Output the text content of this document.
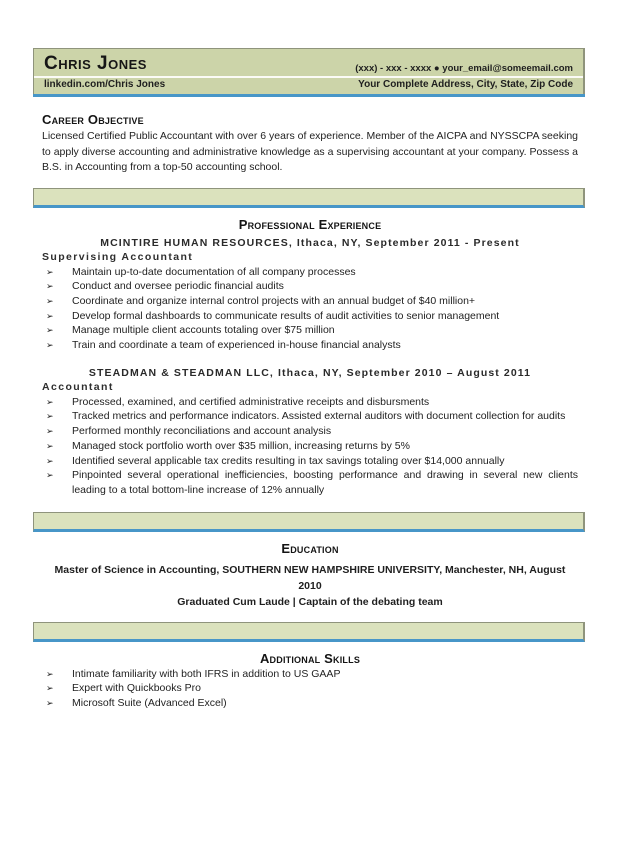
Chris Jones	(xxx) - xxx - xxxx ● your_email@someemail.com
linkedin.com/Chris Jones	Your Complete Address, City, State, Zip Code
Career Objective
Licensed Certified Public Accountant with over 6 years of experience. Member of the AICPA and NYSSCPA seeking to apply diverse accounting and administrative knowledge as a supervising accountant at your company. Possess a B.S. in Accounting from a top-50 accounting school.
Professional Experience
MCINTIRE HUMAN RESOURCES, Ithaca, NY, September 2011 - Present
Supervising Accountant
➢	Maintain up-to-date documentation of all company processes
➢	Conduct and oversee periodic financial audits
➢	Coordinate and organize internal control projects with an annual budget of $40 million+
➢	Develop formal dashboards to communicate results of audit activities to senior management
➢	Manage multiple client accounts totaling over $75 million
➢	Train and coordinate a team of experienced in-house financial analysts
STEADMAN & STEADMAN LLC, Ithaca, NY, September 2010 – August 2011
Accountant
➢	Processed, examined, and certified administrative receipts and disbursments
➢	Tracked metrics and performance indicators. Assisted external auditors with document collection for audits
➢	Performed monthly reconciliations and account analysis
➢	Managed stock portfolio worth over $35 million, increasing returns by 5%
➢	Identified several applicable tax credits resulting in tax savings totaling over $14,000 annually
➢	Pinpointed several operational inefficiencies, boosting performance and drawing in several new clients leading to a total bottom-line increase of 12% annually
Education
Master of Science in Accounting, SOUTHERN NEW HAMPSHIRE UNIVERSITY, Manchester, NH, August 2010
Graduated Cum Laude | Captain of the debating team
Additional Skills
➢	Intimate familiarity with both IFRS in addition to US GAAP
➢	Expert with Quickbooks Pro
➢	Microsoft Suite (Advanced Excel)
